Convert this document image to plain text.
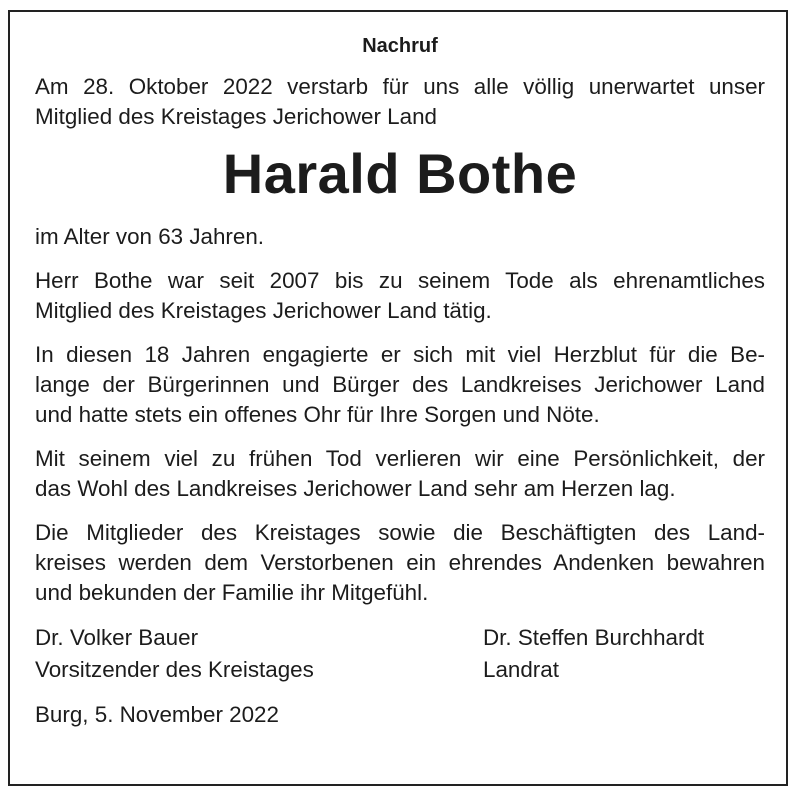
Nachruf

Am 28. Oktober 2022 verstarb für uns alle völlig unerwartet unser
Mitglied des Kreistages Jerichower Land

Harald Bothe

im Alter von 63 Jahren.

Herr Bothe war seit 2007 bis zu seinem Tode als ehrenamtliches
Mitglied des Kreistages Jerichower Land tätig.

In diesen 18 Jahren engagierte er sich mit viel Herzblut für die Be-
lange der Bürgerinnen und Bürger des Landkreises Jerichower Land
und hatte stets ein offenes Ohr für Ihre Sorgen und Nöte.

Mit seinem viel zu frühen Tod verlieren wir eine Persönlichkeit, der
das Wohl des Landkreises Jerichower Land sehr am Herzen lag.

Die Mitglieder des Kreistages sowie die Beschäftigten des Land-
kreises werden dem Verstorbenen ein ehrendes Andenken bewahren
und bekunden der Familie ihr Mitgefühl.

Dr. Volker Bauer
Vorsitzender des Kreistages
Dr. Steffen Burchhardt
Landrat
Burg, 5. November 2022
